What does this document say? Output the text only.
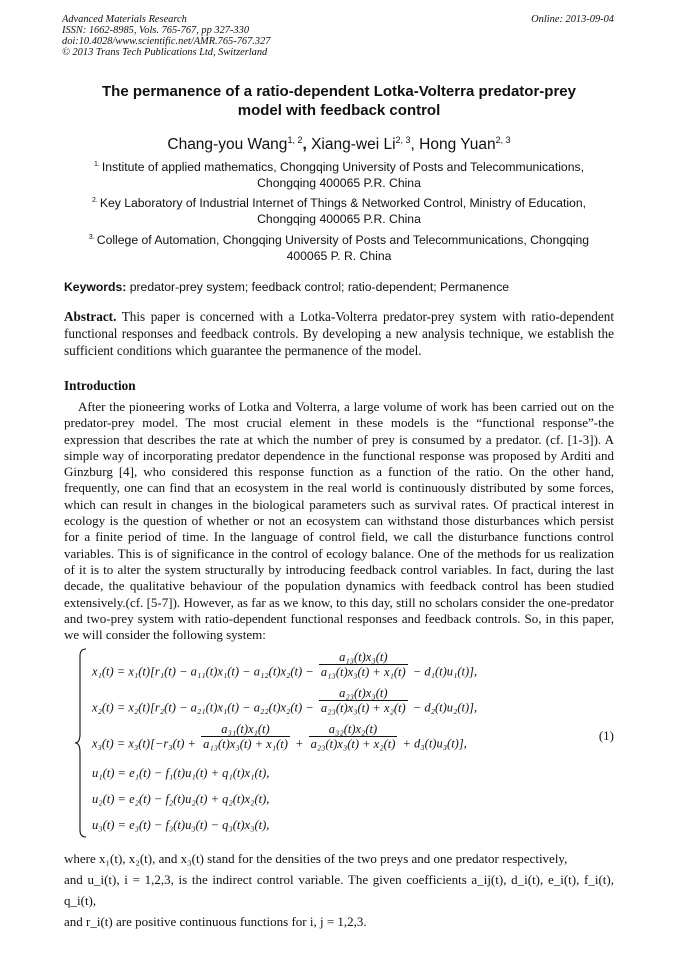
Advanced Materials Research
ISSN: 1662-8985, Vols. 765-767, pp 327-330
doi:10.4028/www.scientific.net/AMR.765-767.327
© 2013 Trans Tech Publications Ltd, Switzerland
Online: 2013-09-04
The permanence of a ratio-dependent Lotka-Volterra predator-prey
model with feedback control
Chang-you Wang$^{1, 2}$, Xiang-wei Li$^{2, 3}$, Hong Yuan$^{2, 3}$
$^{1.}$ Institute of applied mathematics, Chongqing University of Posts and Telecommunications,
Chongqing 400065 P.R. China
$^{2.}$ Key Laboratory of Industrial Internet of Things & Networked Control, Ministry of Education,
Chongqing 400065 P.R. China
$^{3.}$ College of Automation, Chongqing University of Posts and Telecommunications, Chongqing
400065 P. R. China
Keywords: predator-prey system; feedback control; ratio-dependent; Permanence
Abstract. This paper is concerned with a Lotka-Volterra predator-prey system with ratio-dependent functional responses and feedback controls. By developing a new analysis technique, we establish the sufficient conditions which guarantee the permanence of the model.
Introduction
After the pioneering works of Lotka and Volterra, a large volume of work has been carried out on the predator-prey model. The most crucial element in these models is the “functional response”-the expression that describes the rate at which the number of prey is consumed by a predator. (cf. [1-3]). A simple way of incorporating predator dependence in the functional response was proposed by Arditi and Ginzburg [4], who considered this response function as a function of the ratio. On the other hand, frequently, one can find that an ecosystem in the real world is continuously distributed by some forces, which can result in changes in the biological parameters such as survival rates. Of practical interest in ecology is the question of whether or not an ecosystem can withstand those disturbances which persist for a finite period of time. In the language of control field, we call the disturbance functions control variables. This is of significance in the control of ecology balance. One of the methods for us realization of it is to alter the system structurally by introducing feedback control variables. In fact, during the last decade, the qualitative behaviour of the population dynamics with feedback control has been studied extensively.(cf. [5-7]). However, as far as we know, to this day, still no scholars consider the one-predator and two-prey system with ratio-dependent functional responses and feedback controls. So, in this paper, we will consider the following system:
$x_1(t) = x_1(t)[r_1(t) - a_{11}(t)x_1(t) - a_{12}(t)x_2(t) - \frac{\text{a₁₃(t)x₃(t)}}{\text{a₁₃(t)x₃(t) + x₁(t)}} - d_1(t)u_1(t)]$,
$x_2(t) = x_2(t)[r_2(t) - a_{21}(t)x_1(t) - a_{22}(t)x_2(t) - \frac{\text{a₂₃(t)x₃(t)}}{\text{a₂₃(t)x₃(t) + x₂(t)}} - d_2(t)u_2(t)]$,
$x_3(t) = x_3(t)[-r_3(t) + \frac{\text{a₃₁(t)x₁(t)}}{\text{a₁₃(t)x₃(t) + x₁(t)}} + \frac{\text{a₃₂(t)x₂(t)}}{\text{a₂₃(t)x₃(t) + x₂(t)}} + d_3(t)u_3(t)]$,
u₁(t) = e₁(t) − f₁(t)u₁(t) + q₁(t)x₁(t),
u₂(t) = e₂(t) − f₂(t)u₂(t) + q₂(t)x₂(t),
u₃(t) = e₃(t) − f₃(t)u₃(t) − q₃(t)x₃(t),
(1)
where x₁(t), x₂(t), and x₃(t) stand for the densities of the two preys and one predator respectively,
and u_i(t), i = 1,2,3, is the indirect control variable. The given coefficients a_ij(t), d_i(t), e_i(t), f_i(t), q_i(t),
and r_i(t) are positive continuous functions for i, j = 1,2,3.
